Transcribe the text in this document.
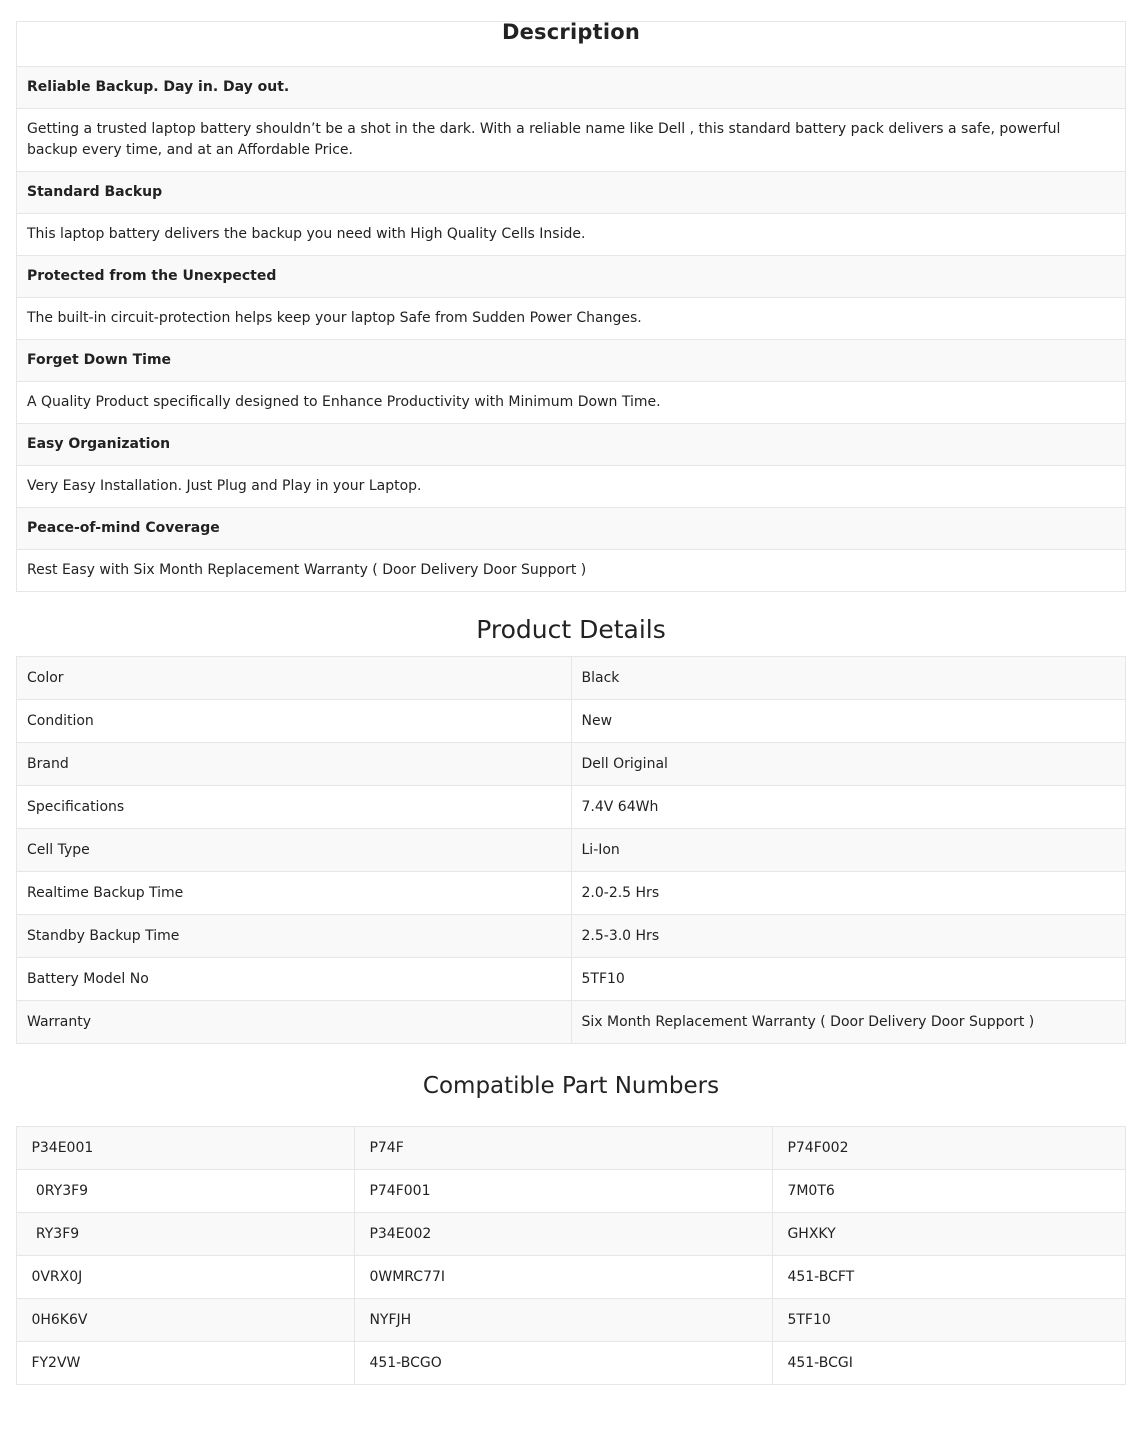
Description
Reliable Backup. Day in. Day out.
Getting a trusted laptop battery shouldn’t be a shot in the dark. With a reliable name like Dell , this standard battery pack delivers a safe, powerful backup every time, and at an Affordable Price.
Standard Backup
This laptop battery delivers the backup you need with High Quality Cells Inside.
Protected from the Unexpected
The built-in circuit-protection helps keep your laptop Safe from Sudden Power Changes.
Forget Down Time
A Quality Product specifically designed to Enhance Productivity with Minimum Down Time.
Easy Organization
Very Easy Installation. Just Plug and Play in your Laptop.
Peace-of-mind Coverage
Rest Easy with Six Month Replacement Warranty ( Door Delivery Door Support )
Product Details
Color	Black
Condition	New
Brand	Dell Original
Specifications	7.4V 64Wh
Cell Type	Li-Ion
Realtime Backup Time	2.0-2.5 Hrs
Standby Backup Time	2.5-3.0 Hrs
Battery Model No	5TF10
Warranty	Six Month Replacement Warranty ( Door Delivery Door Support )
Compatible Part Numbers
P34E001	P74F	P74F002
0RY3F9	P74F001	7M0T6
RY3F9	P34E002	GHXKY
0VRX0J	0WMRC77I	451-BCFT
0H6K6V	NYFJH	5TF10
FY2VW	451-BCGO	451-BCGI
